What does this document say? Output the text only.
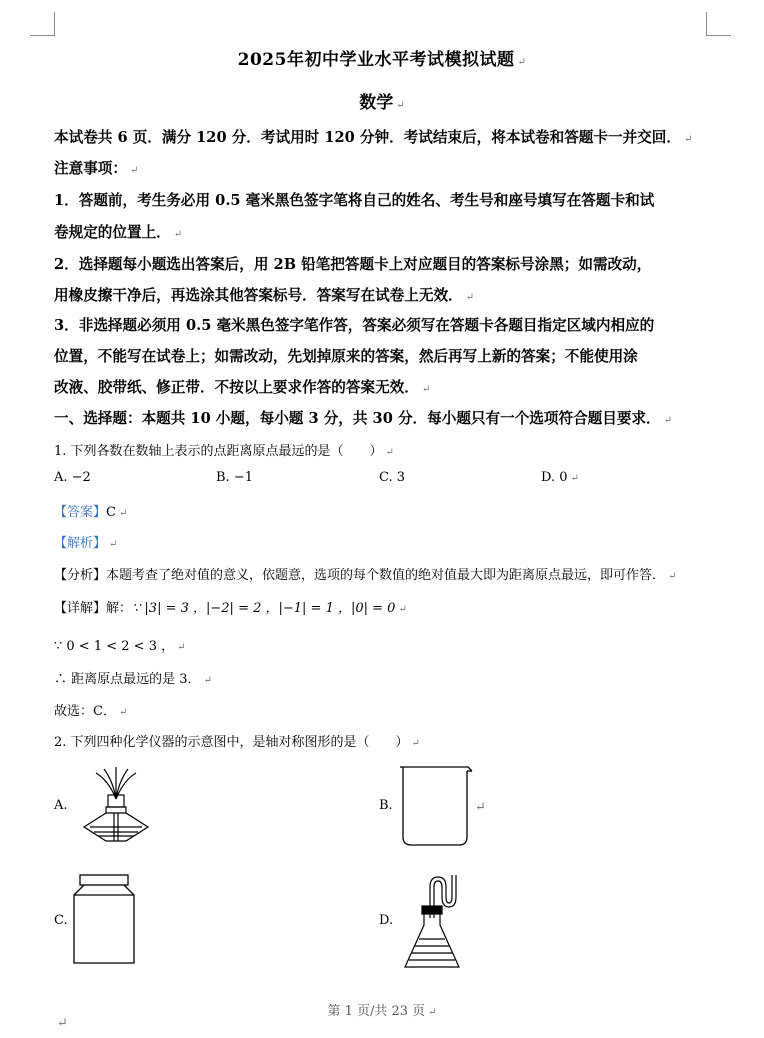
2025年初中学业水平考试模拟试题 ↵
数学 ↵
本试卷共 6 页．满分 120 分．考试用时 120 分钟．考试结束后，将本试卷和答题卡一并交回． ↵
注意事项： ↵
1．答题前，考生务必用 0.5 毫米黑色签字笔将自己的姓名、考生号和座号填写在答题卡和试
卷规定的位置上． ↵
2．选择题每小题选出答案后，用 2B 铅笔把答题卡上对应题目的答案标号涂黑；如需改动，
用橡皮擦干净后，再选涂其他答案标号．答案写在试卷上无效． ↵
3．非选择题必须用 0.5 毫米黑色签字笔作答，答案必须写在答题卡各题目指定区域内相应的
位置，不能写在试卷上；如需改动，先划掉原来的答案，然后再写上新的答案；不能使用涂
改液、胶带纸、修正带．不按以上要求作答的答案无效． ↵
一、选择题：本题共 10 小题，每小题 3 分，共 30 分．每小题只有一个选项符合题目要求． ↵
1. 下列各数在数轴上表示的点距离原点最远的是（　　） ↵
A. −2	B. −1	C. 3	D. 0 ↵
【答案】C ↵
【解析】 ↵
【分析】本题考查了绝对值的意义，依题意，选项的每个数值的绝对值最大即为距离原点最远，即可作答． ↵
【详解】解：∵ |3| = 3 ，|−2| = 2 ，|−1| = 1 ，|0| = 0 ↵
∵ 0 < 1 < 2 < 3 ， ↵
∴ 距离原点最远的是 3． ↵
故选：C． ↵
2. 下列四种化学仪器的示意图中，是轴对称图形的是（　　） ↵
A.	B.
C.	D.
↵
第 1 页/共 23 页 ↵
↵
